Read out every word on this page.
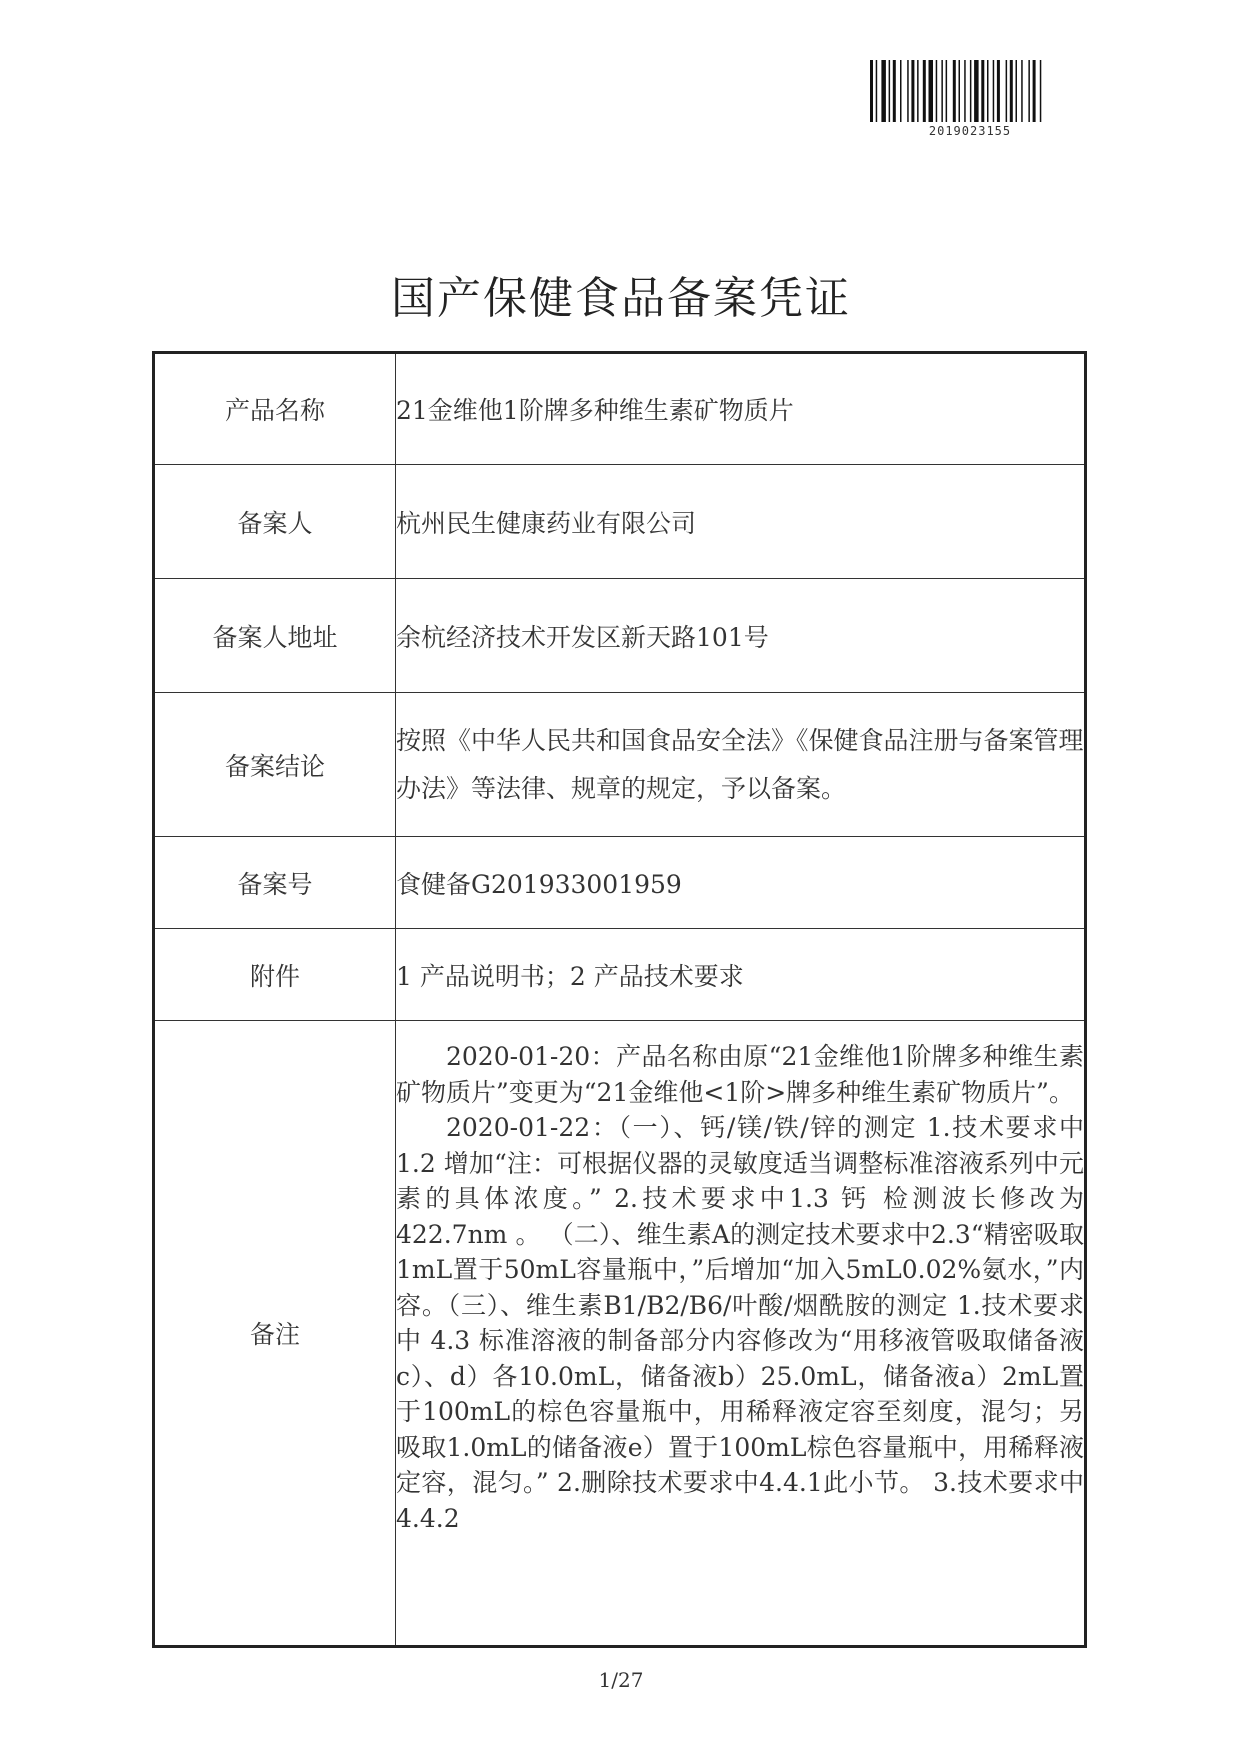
2019023155
国产保健食品备案凭证
产品名称	21金维他1阶牌多种维生素矿物质片
备案人	杭州民生健康药业有限公司
备案人地址	余杭经济技术开发区新天路101号
备案结论	按照《中华人民共和国食品安全法》《保健食品注册与备案管理办法》等法律、规章的规定，予以备案。
备案号	食健备G201933001959
附件	1 产品说明书；2 产品技术要求
备注	2020-01-20：产品名称由原“21金维他1阶牌多种维生素矿物质片”变更为“21金维他<1阶>牌多种维生素矿物质片”。

2020-01-22：（一）、钙/镁/铁/锌的测定 1.技术要求中 1.2 增加“注：可根据仪器的灵敏度适当调整标准溶液系列中元素的具体浓度。” 2.技术要求中1.3 钙 检测波长修改为422.7nm 。 （二）、维生素A的测定技术要求中2.3“精密吸取1mL置于50mL容量瓶中，”后增加“加入5mL0.02%氨水，”内容。（三）、维生素B1/B2/B6/叶酸/烟酰胺的测定 1.技术要求中 4.3 标准溶液的制备部分内容修改为“用移液管吸取储备液c）、d）各10.0mL，储备液b）25.0mL，储备液a）2mL置于100mL的棕色容量瓶中，用稀释液定容至刻度，混匀；另吸取1.0mL的储备液e）置于100mL棕色容量瓶中，用稀释液定容，混匀。” 2.删除技术要求中4.4.1此小节。 3.技术要求中4.4.2

1/27
